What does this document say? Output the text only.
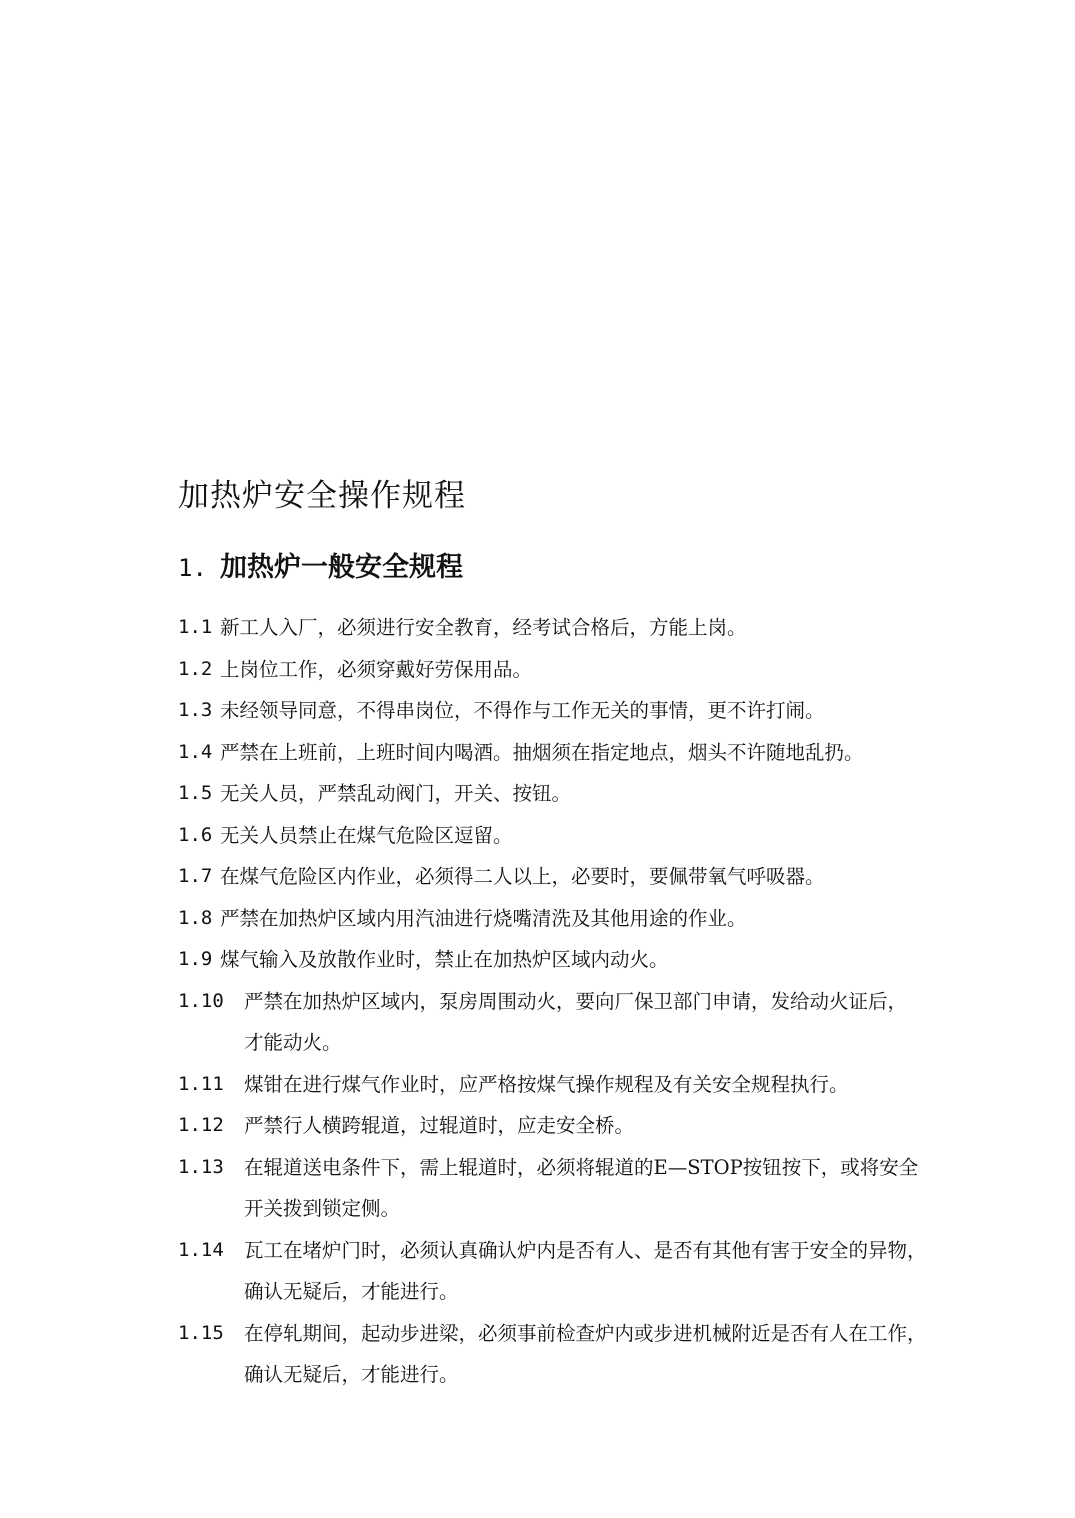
加热炉安全操作规程
1. 加热炉一般安全规程
1.1 新工人入厂，必须进行安全教育，经考试合格后，方能上岗。
1.2 上岗位工作，必须穿戴好劳保用品。
1.3 未经领导同意，不得串岗位，不得作与工作无关的事情，更不许打闹。
1.4 严禁在上班前，上班时间内喝酒。抽烟须在指定地点，烟头不许随地乱扔。
1.5 无关人员，严禁乱动阀门，开关、按钮。
1.6 无关人员禁止在煤气危险区逗留。
1.7 在煤气危险区内作业，必须得二人以上，必要时，要佩带氧气呼吸器。
1.8 严禁在加热炉区域内用汽油进行烧嘴清洗及其他用途的作业。
1.9 煤气输入及放散作业时，禁止在加热炉区域内动火。
1.10 严禁在加热炉区域内，泵房周围动火，要向厂保卫部门申请，发给动火证后，
才能动火。
1.11 煤钳在进行煤气作业时，应严格按煤气操作规程及有关安全规程执行。
1.12 严禁行人横跨辊道，过辊道时，应走安全桥。
1.13 在辊道送电条件下，需上辊道时，必须将辊道的E—STOP按钮按下，或将安全
开关拨到锁定侧。
1.14 瓦工在堵炉门时，必须认真确认炉内是否有人、是否有其他有害于安全的异物，
确认无疑后，才能进行。
1.15 在停轧期间，起动步进梁，必须事前检查炉内或步进机械附近是否有人在工作，
确认无疑后，才能进行。
